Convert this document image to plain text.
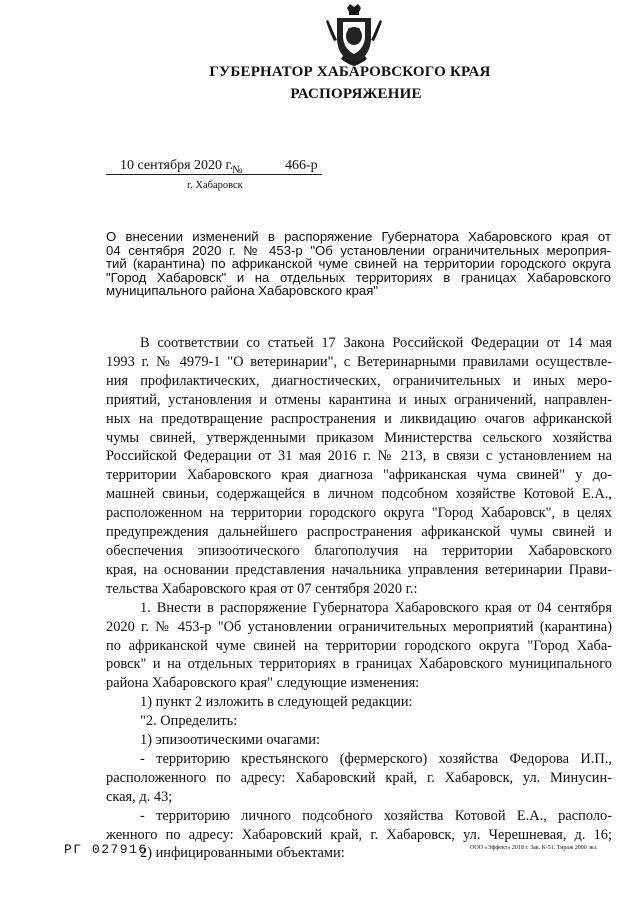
ГУБЕРНАТОР ХАБАРОВСКОГО КРАЯ
РАСПОРЯЖЕНИЕ
10 сентября 2020 г.
№	466-р
г. Хабаровск
О внесении изменений в распоряжение Губернатора Хабаровского края от
04 сентября 2020 г. № 453-р "Об установлении ограничительных мероприя-
тий (карантина) по африканской чуме свиней на территории городского округа
"Город Хабаровск" и на отдельных территориях в границах Хабаровского
муниципального района Хабаровского края"
В соответствии со статьей 17 Закона Российской Федерации от 14 мая
1993 г. № 4979-1 "О ветеринарии", с Ветеринарными правилами осуществле-
ния профилактических, диагностических, ограничительных и иных меро-
приятий, установления и отмены карантина и иных ограничений, направлен-
ных на предотвращение распространения и ликвидацию очагов африканской
чумы свиней, утвержденными приказом Министерства сельского хозяйства
Российской Федерации от 31 мая 2016 г. № 213, в связи с установлением на
территории Хабаровского края диагноза "африканская чума свиней" у до-
машней свиньи, содержащейся в личном подсобном хозяйстве Котовой Е.А.,
расположенном на территории городского округа "Город Хабаровск", в целях
предупреждения дальнейшего распространения африканской чумы свиней и
обеспечения эпизоотического благополучия на территории Хабаровского
края, на основании представления начальника управления ветеринарии Прави-
тельства Хабаровского края от 07 сентября 2020 г.:
1. Внести в распоряжение Губернатора Хабаровского края от 04 сентября
2020 г. № 453-р "Об установлении ограничительных мероприятий (карантина)
по африканской чуме свиней на территории городского округа "Город Хаба-
ровск" и на отдельных территориях в границах Хабаровского муниципального
района Хабаровского края" следующие изменения:
1) пункт 2 изложить в следующей редакции:
"2. Определить:
1) эпизоотическими очагами:
- территорию крестьянского (фермерского) хозяйства Федорова И.П.,
расположенного по адресу: Хабаровский край, г. Хабаровск, ул. Минусин-
ская, д. 43;
- территорию личного подсобного хозяйства Котовой Е.А., располо-
женного по адресу: Хабаровский край, г. Хабаровск, ул. Черешневая, д. 16;
2) инфицированными объектами:
РГ 027916	ООО «Эффект» 2018 г. Зак. К-51. Тираж 2000 экз.
